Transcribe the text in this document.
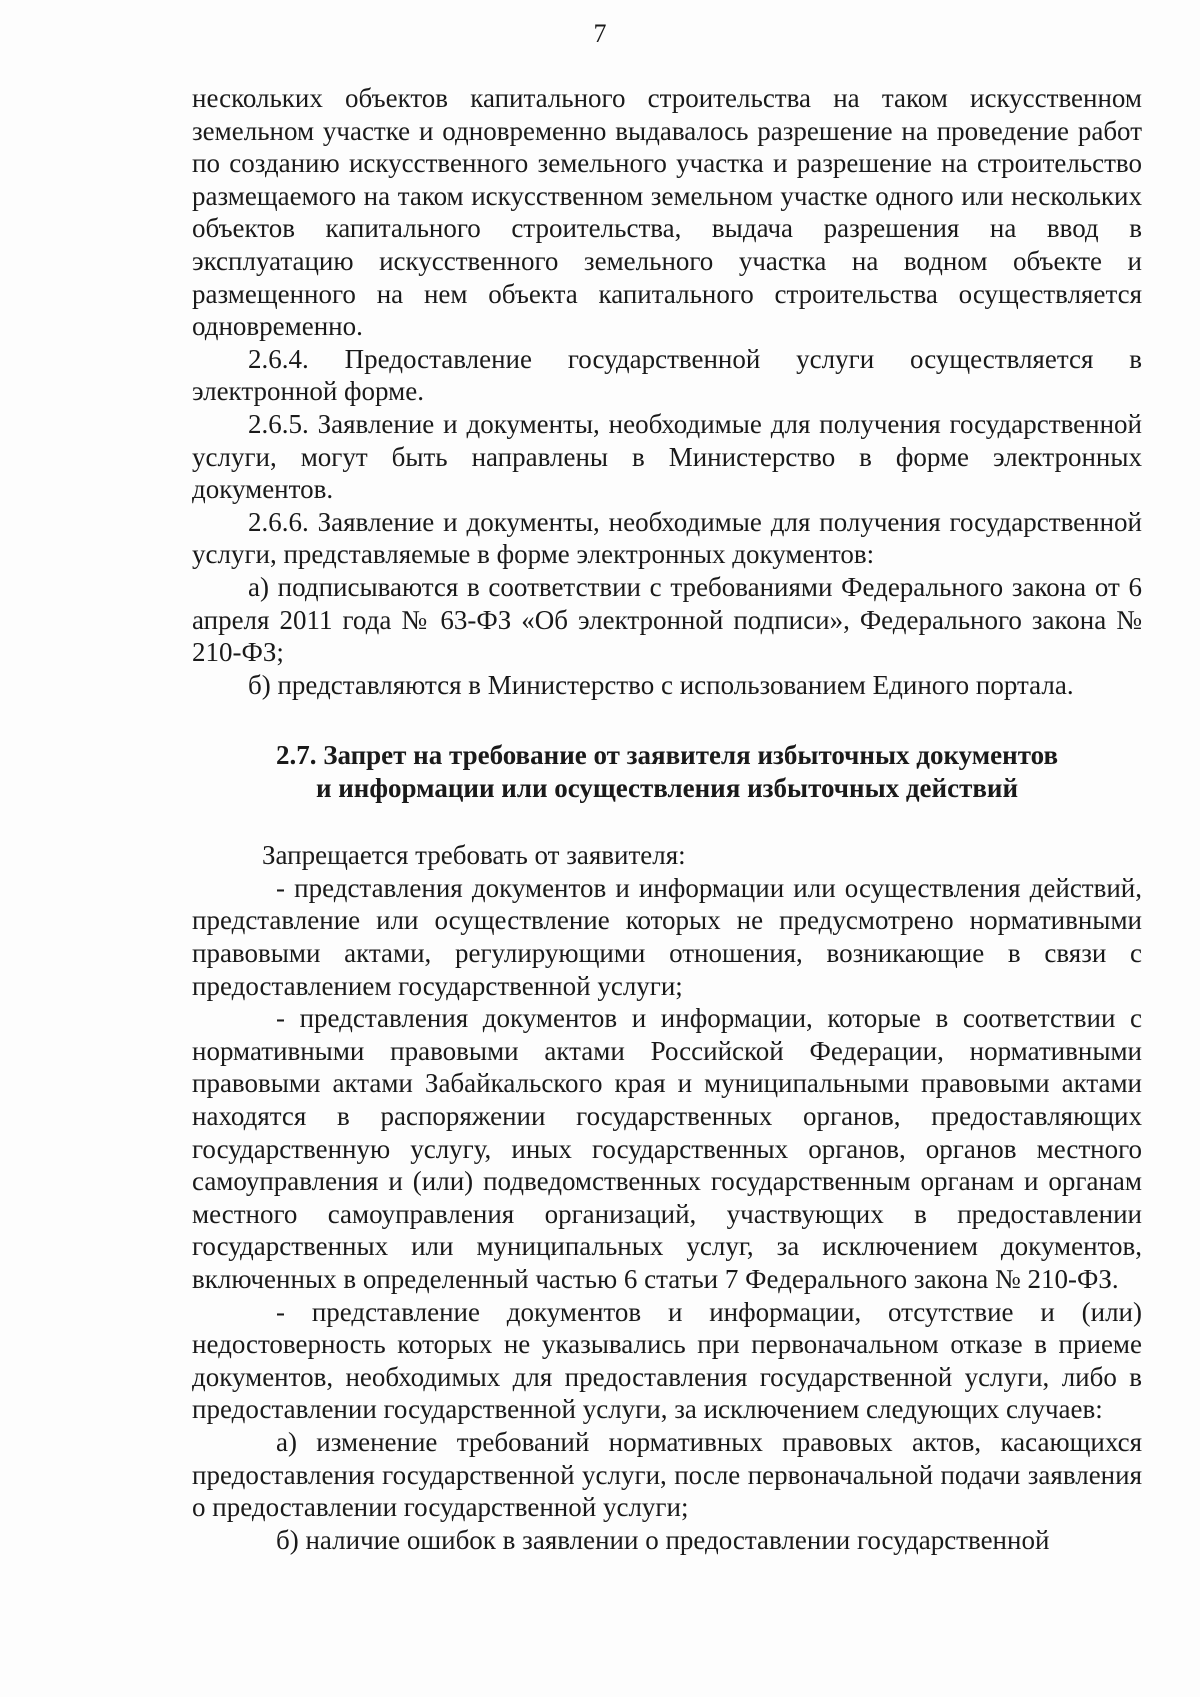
7

нескольких объектов капитального строительства на таком искусственном земельном участке и одновременно выдавалось разрешение на проведение работ по созданию искусственного земельного участка и разрешение на строительство размещаемого на таком искусственном земельном участке одного или нескольких объектов капитального строительства, выдача разрешения на ввод в эксплуатацию искусственного земельного участка на водном объекте и размещенного на нем объекта капитального строительства осуществляется одновременно.

2.6.4. Предоставление государственной услуги осуществляется в электронной форме.

2.6.5. Заявление и документы, необходимые для получения государственной услуги, могут быть направлены в Министерство в форме электронных документов.

2.6.6. Заявление и документы, необходимые для получения государственной услуги, представляемые в форме электронных документов:

а) подписываются в соответствии с требованиями Федерального закона от 6 апреля 2011 года № 63-ФЗ «Об электронной подписи», Федерального закона № 210-ФЗ;

б) представляются в Министерство с использованием Единого портала.

2.7. Запрет на требование от заявителя избыточных документов
и информации или осуществления избыточных действий

Запрещается требовать от заявителя:

- представления документов и информации или осуществления действий, представление или осуществление которых не предусмотрено нормативными правовыми актами, регулирующими отношения, возникающие в связи с предоставлением государственной услуги;

- представления документов и информации, которые в соответствии с нормативными правовыми актами Российской Федерации, нормативными правовыми актами Забайкальского края и муниципальными правовыми актами находятся в распоряжении государственных органов, предоставляющих государственную услугу, иных государственных органов, органов местного самоуправления и (или) подведомственных государственным органам и органам местного самоуправления организаций, участвующих в предоставлении государственных или муниципальных услуг, за исключением документов, включенных в определенный частью 6 статьи 7 Федерального закона № 210-ФЗ.

- представление документов и информации, отсутствие и (или) недостоверность которых не указывались при первоначальном отказе в приеме документов, необходимых для предоставления государственной услуги, либо в предоставлении государственной услуги, за исключением следующих случаев:

а) изменение требований нормативных правовых актов, касающихся предоставления государственной услуги, после первоначальной подачи заявления о предоставлении государственной услуги;

б) наличие ошибок в заявлении о предоставлении государственной
